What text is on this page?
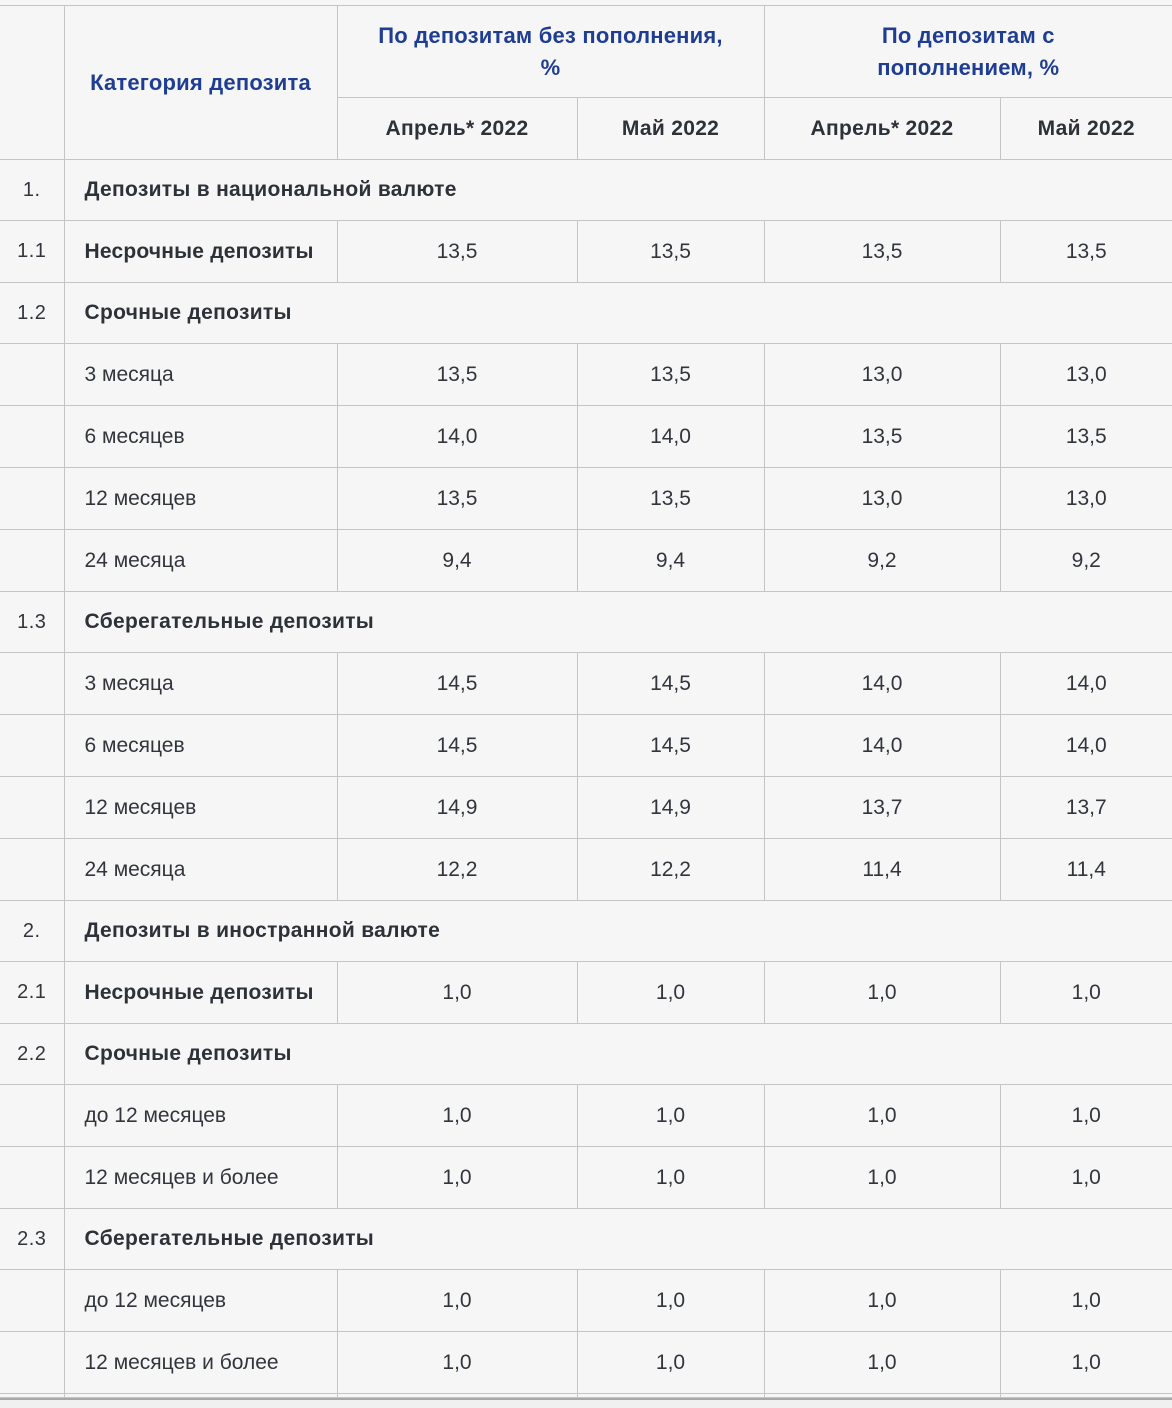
	Категория депозита	По депозитам без пополнения, %		По депозитам с пополнением, %	
		Апрель* 2022	Май 2022	Апрель* 2022	Май 2022
1.	Депозиты в национальной валюте				
1.1	Несрочные депозиты	13,5	13,5	13,5	13,5
1.2	Срочные депозиты				
	3 месяца	13,5	13,5	13,0	13,0
	6 месяцев	14,0	14,0	13,5	13,5
	12 месяцев	13,5	13,5	13,0	13,0
	24 месяца	9,4	9,4	9,2	9,2
1.3	Сберегательные депозиты				
	3 месяца	14,5	14,5	14,0	14,0
	6 месяцев	14,5	14,5	14,0	14,0
	12 месяцев	14,9	14,9	13,7	13,7
	24 месяца	12,2	12,2	11,4	11,4
2.	Депозиты в иностранной валюте				
2.1	Несрочные депозиты	1,0	1,0	1,0	1,0
2.2	Срочные депозиты				
	до 12 месяцев	1,0	1,0	1,0	1,0
	12 месяцев и более	1,0	1,0	1,0	1,0
2.3	Сберегательные депозиты				
	до 12 месяцев	1,0	1,0	1,0	1,0
	12 месяцев и более	1,0	1,0	1,0	1,0
